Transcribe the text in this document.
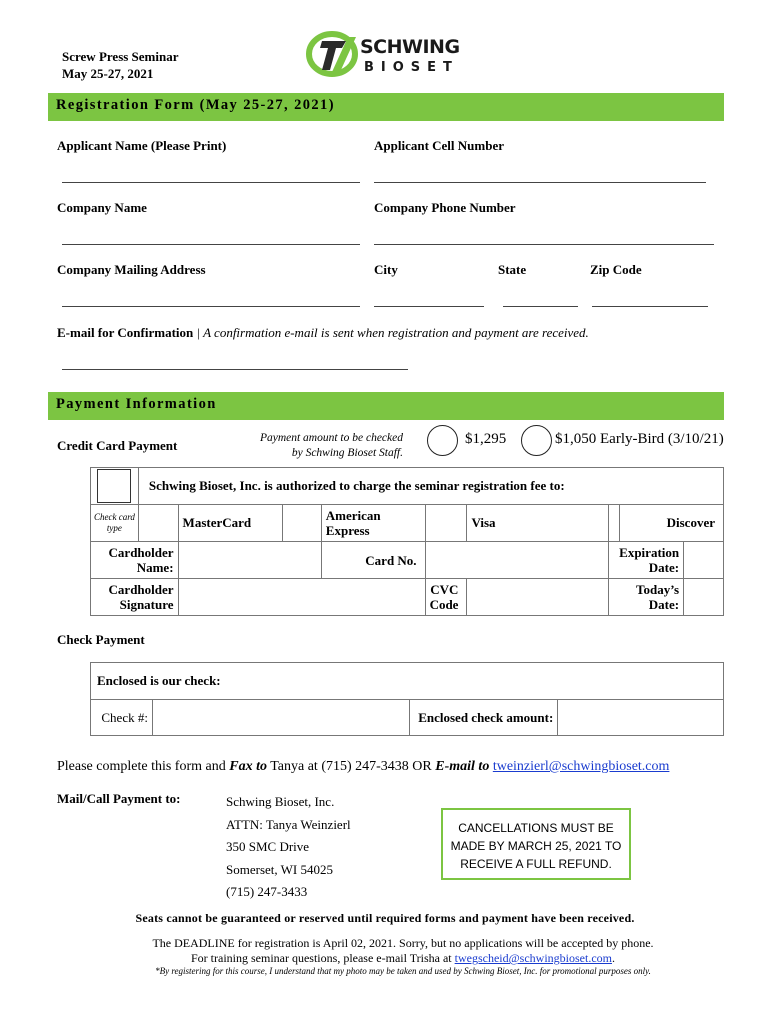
Screw Press Seminar
May 25-27, 2021
SCHWING
BIOSET
Registration Form (May 25-27, 2021)
Applicant Name (Please Print)	Applicant Cell Number
Company Name	Company Phone Number
Company Mailing Address	City	State	Zip Code
E-mail for Confirmation | A confirmation e-mail is sent when registration and payment are received.
Payment Information
Credit Card Payment	Payment amount to be checked
by Schwing Bioset Staff.
$1,295	$1,050 Early-Bird (3/10/21)
	Schwing Bioset, Inc. is authorized to charge the seminar registration fee to:						
Check card type		MasterCard		American Express		Visa	Discover

Cardholder Name:				Card No.			Expiration Date:

Cardholder Signature					CVC Code		Today’s Date:
Check Payment
Enclosed is our check:
Check #:		Enclosed check amount:	
Please complete this form and Fax to Tanya at (715) 247-3438 OR E-mail to tweinzierl@schwingbioset.com
Mail/Call Payment to:	Schwing Bioset, Inc.
ATTN: Tanya Weinzierl
350 SMC Drive
Somerset, WI 54025
(715) 247-3433
CANCELLATIONS MUST BE
MADE BY MARCH 25, 2021 TO
RECEIVE A FULL REFUND.
Seats cannot be guaranteed or reserved until required forms and payment have been received.
The DEADLINE for registration is April 02, 2021. Sorry, but no applications will be accepted by phone.
For training seminar questions, please e-mail Trisha at twegscheid@schwingbioset.com.
*By registering for this course, I understand that my photo may be taken and used by Schwing Bioset, Inc. for promotional purposes only.
